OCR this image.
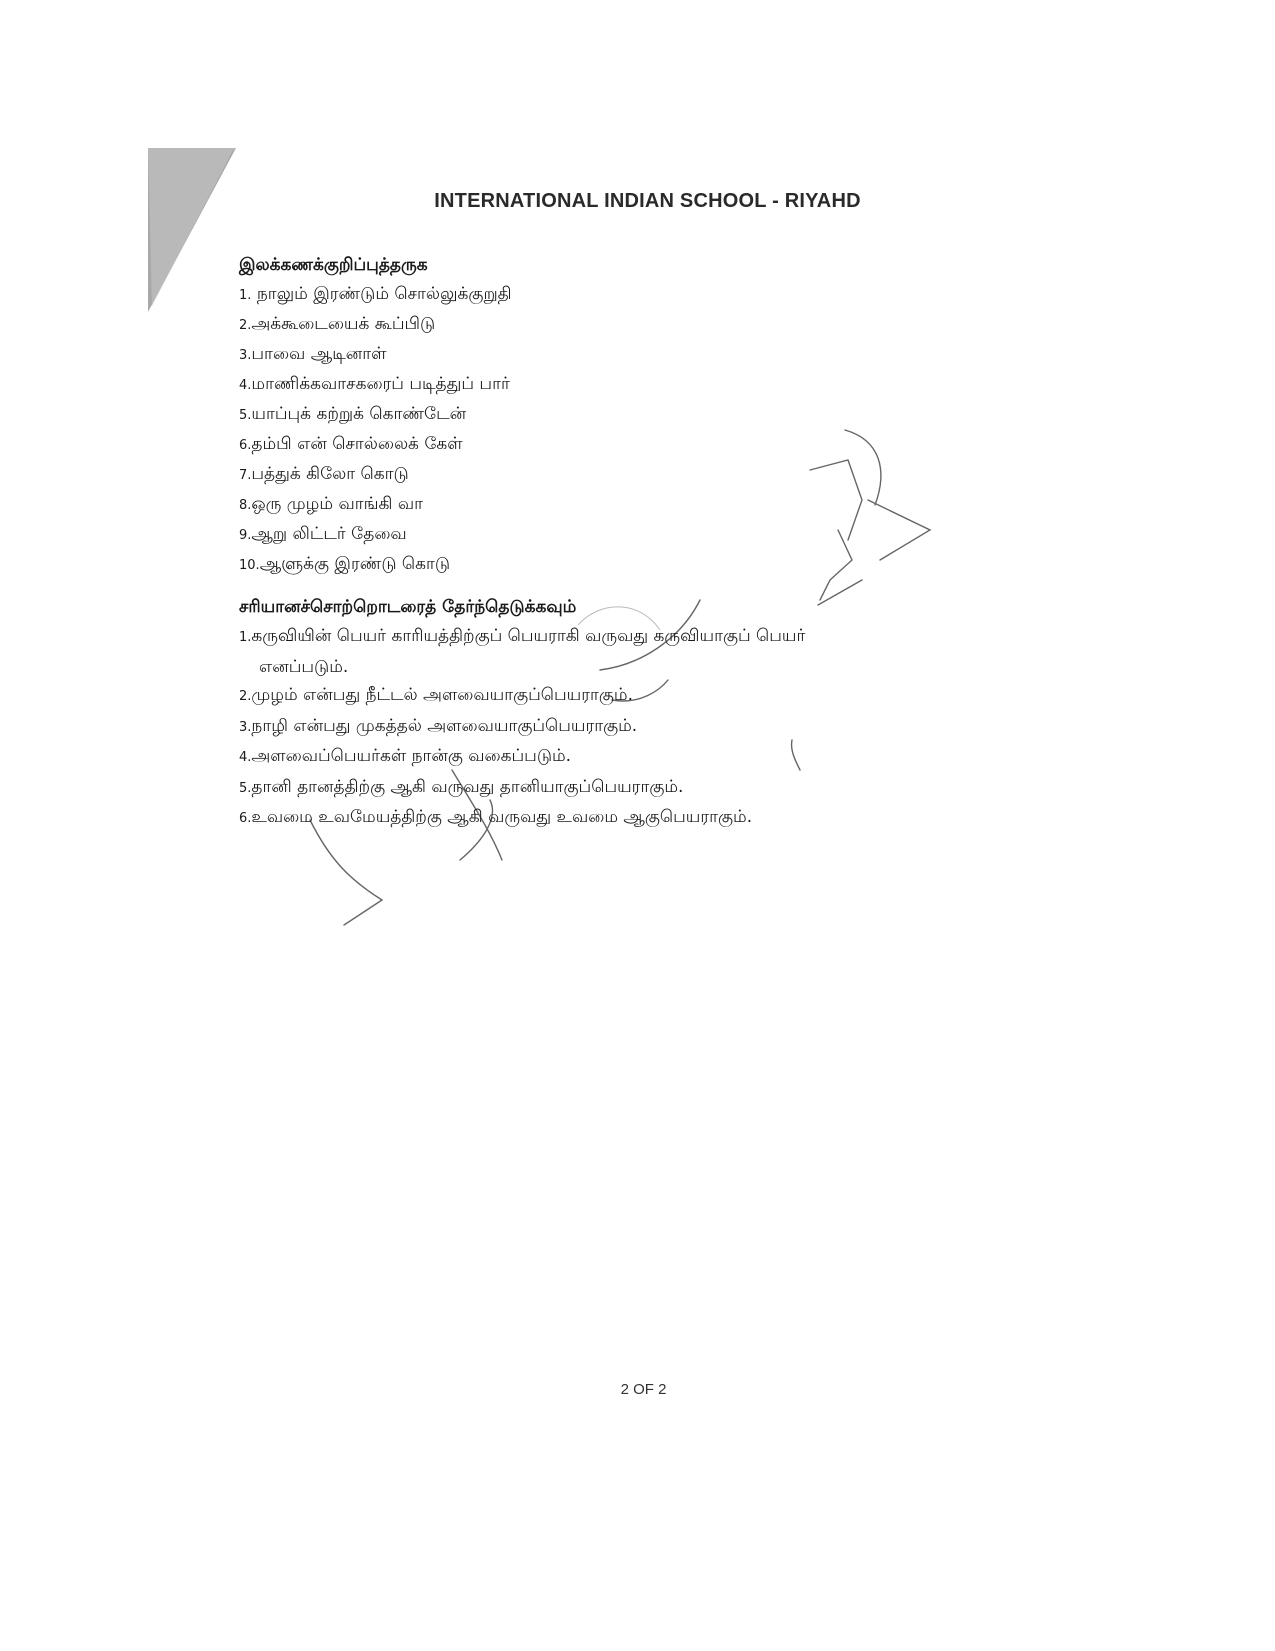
INTERNATIONAL INDIAN SCHOOL - RIYAHD
இலக்கணக்குறிப்புத்தருக
1. நாலும் இரண்டும் சொல்லுக்குறுதி
2.அக்கூடையைக் கூப்பிடு
3.பாவை ஆடினாள்
4.மாணிக்கவாசகரைப் படித்துப் பார்
5.யாப்புக் கற்றுக் கொண்டேன்
6.தம்பி என் சொல்லைக் கேள்
7.பத்துக் கிலோ கொடு
8.ஒரு முழம் வாங்கி வா
9.ஆறு லிட்டர் தேவை
10.ஆளுக்கு இரண்டு கொடு
சரியானச்சொற்றொடரைத் தேர்ந்தெடுக்கவும்
1.கருவியின் பெயர் காரியத்திற்குப் பெயராகி வருவது கருவியாகுப் பெயர் எனப்படும்.
2.முழம் என்பது நீட்டல் அளவையாகுப்பெயராகும்.
3.நாழி என்பது முகத்தல் அளவையாகுப்பெயராகும்.
4.அளவைப்பெயர்கள் நான்கு வகைப்படும்.
5.தானி தானத்திற்கு ஆகி வருவது தானியாகுப்பெயராகும்.
6.உவமை உவமேயத்திற்கு ஆகி வருவது உவமை ஆகுபெயராகும்.
2 OF 2
